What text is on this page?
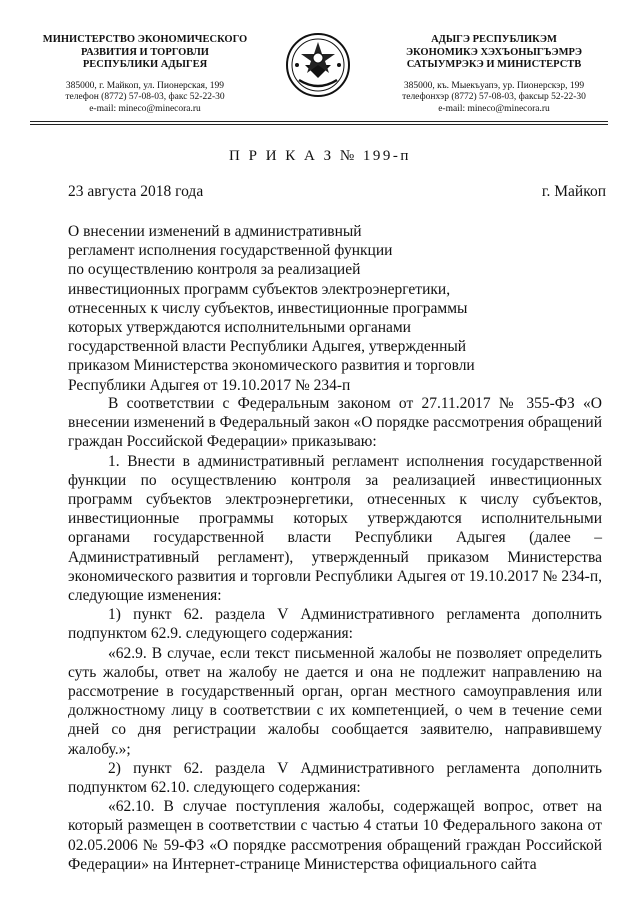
МИНИСТЕРСТВО ЭКОНОМИЧЕСКОГО
РАЗВИТИЯ И ТОРГОВЛИ
РЕСПУБЛИКИ АДЫГЕЯ
385000, г. Майкоп, ул. Пионерская, 199
телефон (8772) 57-08-03, факс 52-22-30
e-mail: mineco@minecora.ru
АДЫГЭ РЕСПУБЛИКЭМ
ЭКОНОМИКЭ ХЭХЪОНЫГЪЭМРЭ
САТЫУМРЭКЭ И МИНИСТЕРСТВ
385000, къ. Мыекъуапэ, ур. Пионерскэр, 199
телефонхэр (8772) 57-08-03, факсыр 52-22-30
e-mail: mineco@minecora.ru
П Р И К А З № 199-п
23 августа 2018 года	г. Майкоп
О внесении изменений в административный
регламент исполнения государственной функции
по осуществлению контроля за реализацией
инвестиционных программ субъектов электроэнергетики,
отнесенных к числу субъектов, инвестиционные программы
которых утверждаются исполнительными органами
государственной власти Республики Адыгея, утвержденный
приказом Министерства экономического развития и торговли
Республики Адыгея от 19.10.2017 № 234-п

В соответствии с Федеральным законом от 27.11.2017 № 355-ФЗ «О внесении изменений в Федеральный закон «О порядке рассмотрения обращений граждан Российской Федерации» приказываю:

1. Внести в административный регламент исполнения государственной функции по осуществлению контроля за реализацией инвестиционных программ субъектов электроэнергетики, отнесенных к числу субъектов, инвестиционные программы которых утверждаются исполнительными органами государственной власти Республики Адыгея (далее – Административный регламент), утвержденный приказом Министерства экономического развития и торговли Республики Адыгея от 19.10.2017 № 234-п, следующие изменения:

1) пункт 62. раздела V Административного регламента дополнить подпунктом 62.9. следующего содержания:

«62.9. В случае, если текст письменной жалобы не позволяет определить суть жалобы, ответ на жалобу не дается и она не подлежит направлению на рассмотрение в государственный орган, орган местного самоуправления или должностному лицу в соответствии с их компетенцией, о чем в течение семи дней со дня регистрации жалобы сообщается заявителю, направившему жалобу.»;

2) пункт 62. раздела V Административного регламента дополнить подпунктом 62.10. следующего содержания:

«62.10. В случае поступления жалобы, содержащей вопрос, ответ на который размещен в соответствии с частью 4 статьи 10 Федерального закона от 02.05.2006 № 59-ФЗ «О порядке рассмотрения обращений граждан Российской Федерации» на Интернет-странице Министерства официального сайта
